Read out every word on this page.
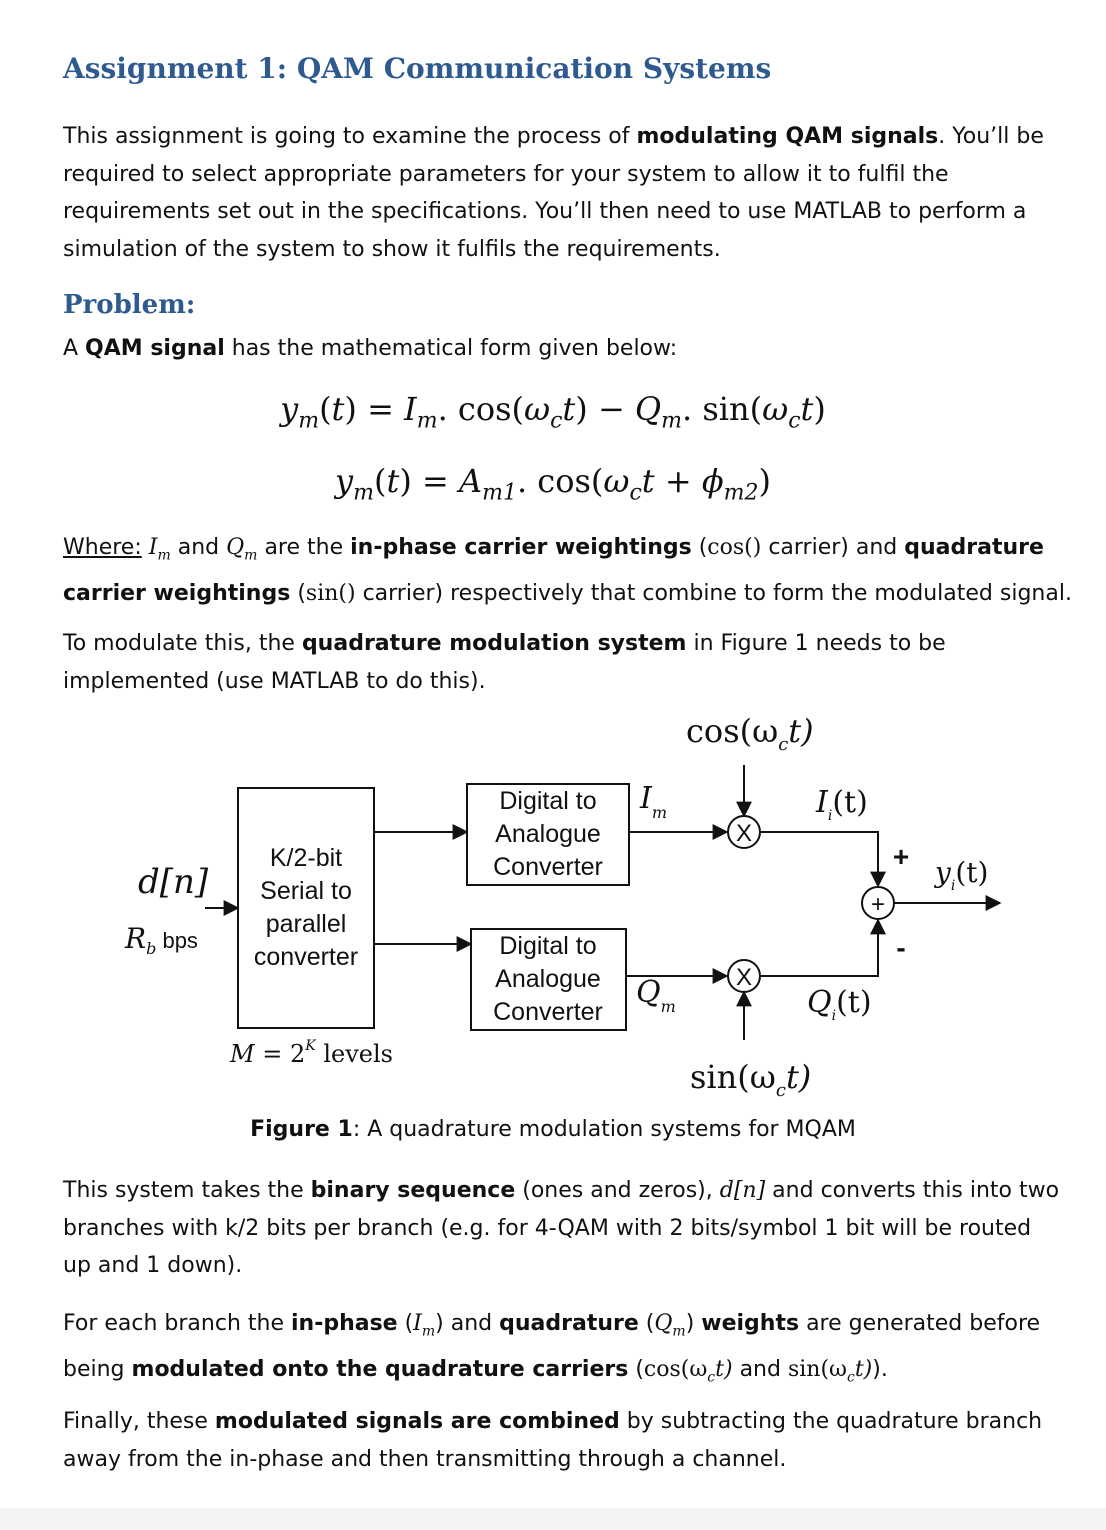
Assignment 1: QAM Communication Systems

This assignment is going to examine the process of modulating QAM signals. You’ll be required to select appropriate parameters for your system to allow it to fulfil the requirements set out in the specifications. You’ll then need to use MATLAB to perform a simulation of the system to show it fulfils the requirements.

Problem:

A QAM signal has the mathematical form given below:

$y_m(t) = I_m$. $\cos(\omega_ct) - Q_m$. $\sin(\omega_ct)$
$y_m(t) = A_{m1}$. $\cos(\omega_ct + \phi_{m2})$

Where: $I_m$ and $Q_m$ are the in-phase carrier weightings (cos() carrier) and quadrature carrier weightings (sin() carrier) respectively that combine to form the modulated signal.

To modulate this, the quadrature modulation system in Figure 1 needs to be implemented (use MATLAB to do this).

d[n]
$R_b$ $^{bps}$
$M = 2^K$ levels
$I_m$
$Q_m$
$\cos(\omega_ct)$
$\sin(\omega_ct)$
$I_i(t)$
$Q_i(t)$
$y_i(t)$
K/2-bit
Serial to
parallel
converter
Digital to
Analogue
Converter
Digital to
Analogue
Converter
X
X
+
+
-
Figure 1: A quadrature modulation systems for MQAM

This system takes the binary sequence (ones and zeros), d[n] and converts this into two branches with k/2 bits per branch (e.g. for 4-QAM with 2 bits/symbol 1 bit will be routed up and 1 down).

For each branch the in-phase $(I_m)$ and quadrature $(Q_m)$ weights are generated before being modulated onto the quadrature carriers ($\cos(\omega_ct)$ and $\sin(\omega_ct)$).

Finally, these modulated signals are combined by subtracting the quadrature branch away from the in-phase and then transmitting through a channel.
